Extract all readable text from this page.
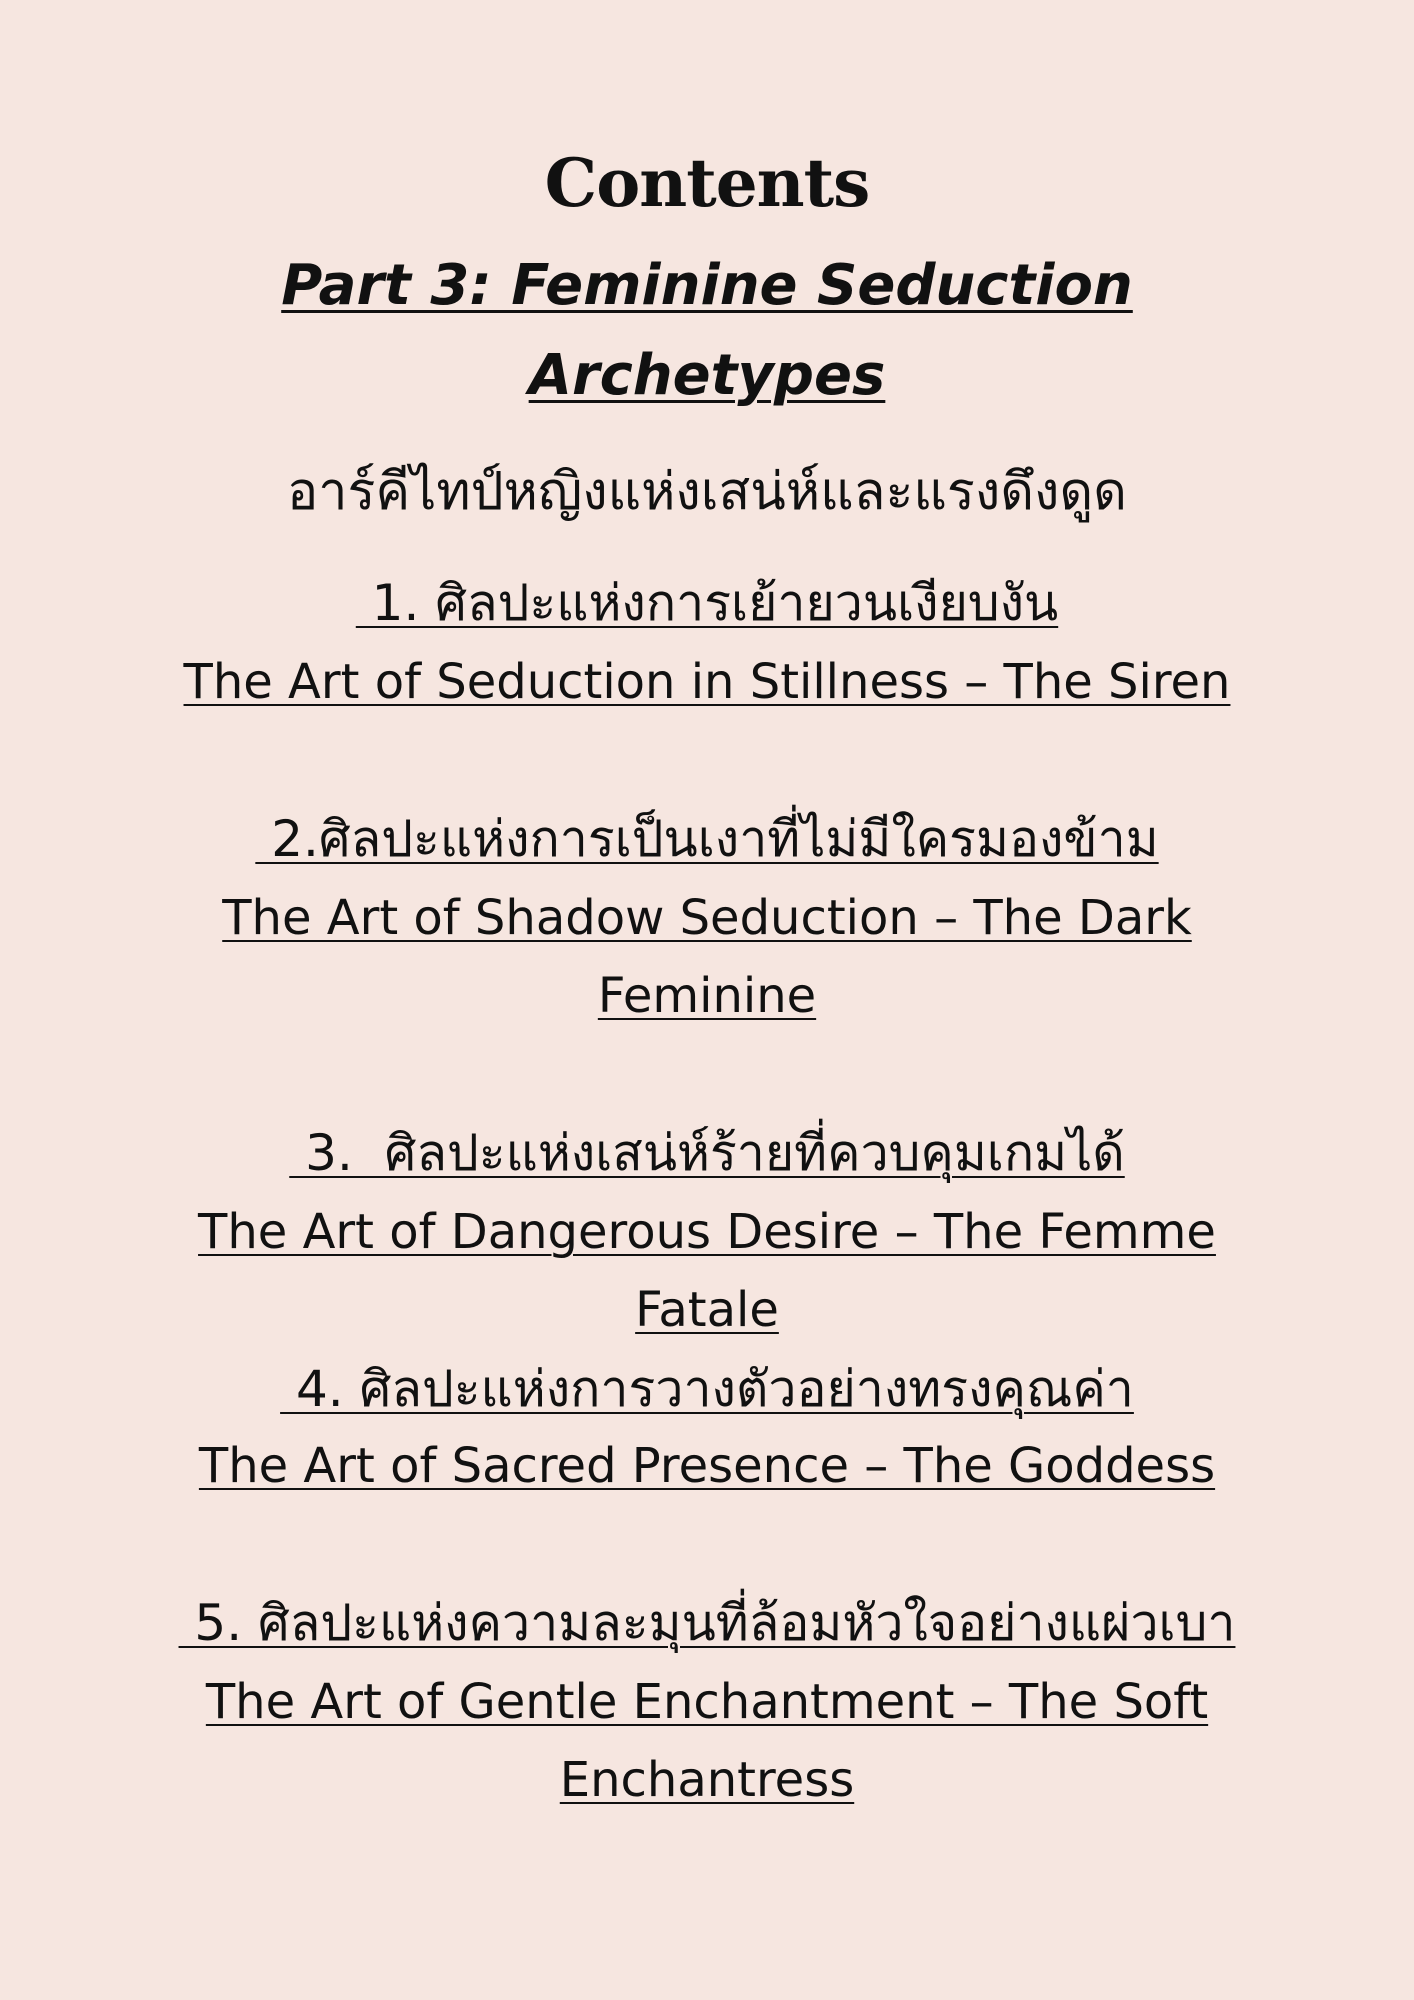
Contents
Part 3: Feminine Seduction
Archetypes
อาร์คีไทป์หญิงแห่งเสน่ห์และแรงดึงดูด
1. ศิลปะแห่งการเย้ายวนเงียบงัน
The Art of Seduction in Stillness – The Siren
2.ศิลปะแห่งการเป็นเงาที่ไม่มีใครมองข้าม
The Art of Shadow Seduction – The Dark
Feminine
3.  ศิลปะแห่งเสน่ห์ร้ายที่ควบคุมเกมได้
The Art of Dangerous Desire – The Femme
Fatale
4. ศิลปะแห่งการวางตัวอย่างทรงคุณค่า
The Art of Sacred Presence – The Goddess
5. ศิลปะแห่งความละมุนที่ล้อมหัวใจอย่างแผ่วเบา
The Art of Gentle Enchantment – The Soft
Enchantress
